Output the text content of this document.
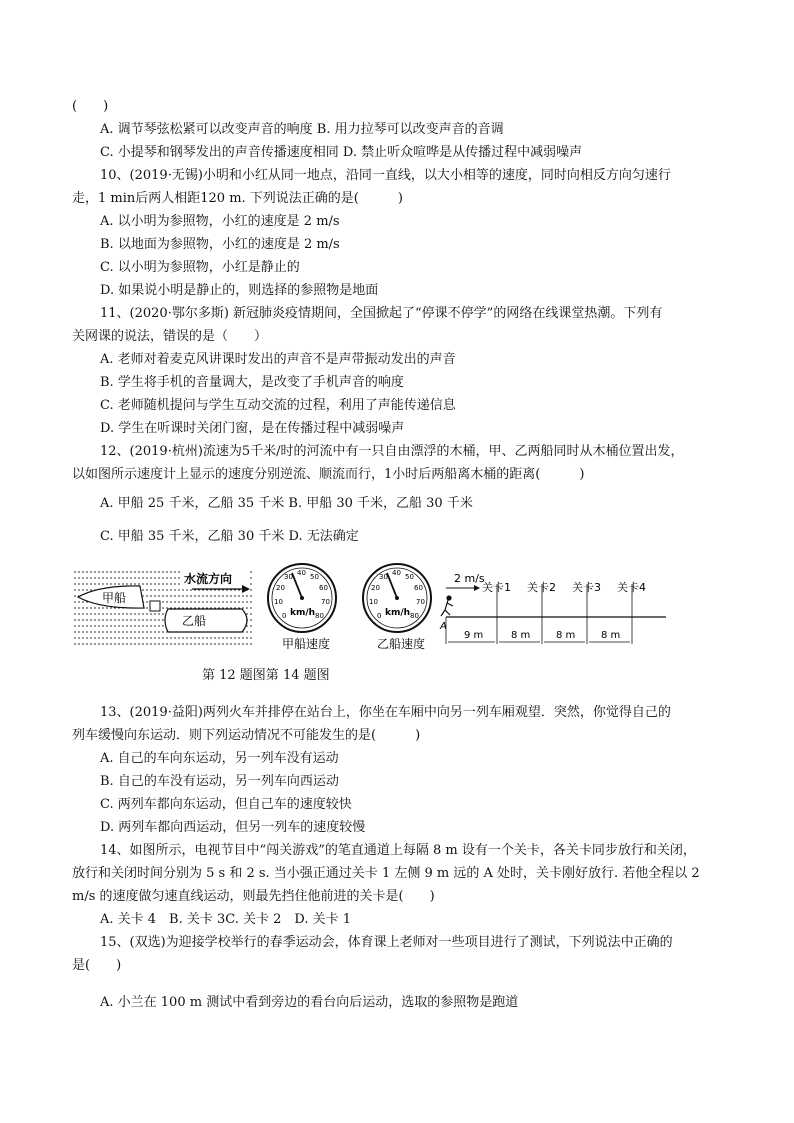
(　　)
A. 调节琴弦松紧可以改变声音的响度 B. 用力拉琴可以改变声音的音调
C. 小提琴和钢琴发出的声音传播速度相同 D. 禁止听众喧哗是从传播过程中减弱噪声
10、(2019·无锡)小明和小红从同一地点，沿同一直线，以大小相等的速度，同时向相反方向匀速行
走，1 min后两人相距120 m. 下列说法正确的是(　　　)
A. 以小明为参照物，小红的速度是 2 m/s
B. 以地面为参照物，小红的速度是 2 m/s
C. 以小明为参照物，小红是静止的
D. 如果说小明是静止的，则选择的参照物是地面
11、(2020·鄂尔多斯) 新冠肺炎疫情期间，全国掀起了“停课不停学”的网络在线课堂热潮。下列有
关网课的说法，错误的是（　　）
A. 老师对着麦克风讲课时发出的声音不是声带振动发出的声音
B. 学生将手机的音量调大，是改变了手机声音的响度
C. 老师随机提问与学生互动交流的过程，利用了声能传递信息
D. 学生在听课时关闭门窗，是在传播过程中减弱噪声
12、(2019·杭州)流速为5千米/时的河流中有一只自由漂浮的木桶，甲、乙两船同时从木桶位置出发，
以如图所示速度计上显示的速度分别逆流、顺流而行，1小时后两船离木桶的距离(　　　)
A. 甲船 25 千米，乙船 35 千米 B. 甲船 30 千米，乙船 30 千米
C. 甲船 35 千米，乙船 30 千米 D. 无法确定
甲船
口
乙船
水流方向
0
10
20
30 40 50
60
70
80
km/h
甲船速度
0
10
20
30 40 50
60
70
80
km/h
乙船速度
2 m/s
A
关卡1 关卡2 关卡3 关卡4
9 m	8 m	8 m	8 m
第 12 题图第 14 题图
13、(2019·益阳)两列火车并排停在站台上，你坐在车厢中向另一列车厢观望．突然，你觉得自己的
列车缓慢向东运动．则下列运动情况不可能发生的是(　　　)
A. 自己的车向东运动，另一列车没有运动
B. 自己的车没有运动，另一列车向西运动
C. 两列车都向东运动，但自己车的速度较快
D. 两列车都向西运动，但另一列车的速度较慢
14、如图所示，电视节目中“闯关游戏”的笔直通道上每隔 8 m 设有一个关卡，各关卡同步放行和关闭，
放行和关闭时间分别为 5 s 和 2 s. 当小强正通过关卡 1 左侧 9 m 远的 A 处时，关卡刚好放行. 若他全程以 2
m/s 的速度做匀速直线运动，则最先挡住他前进的关卡是(　　)
A. 关卡 4　B. 关卡 3C. 关卡 2　D. 关卡 1
15、(双选)为迎接学校举行的春季运动会，体育课上老师对一些项目进行了测试，下列说法中正确的
是(　　)
A. 小兰在 100 m 测试中看到旁边的看台向后运动，选取的参照物是跑道
